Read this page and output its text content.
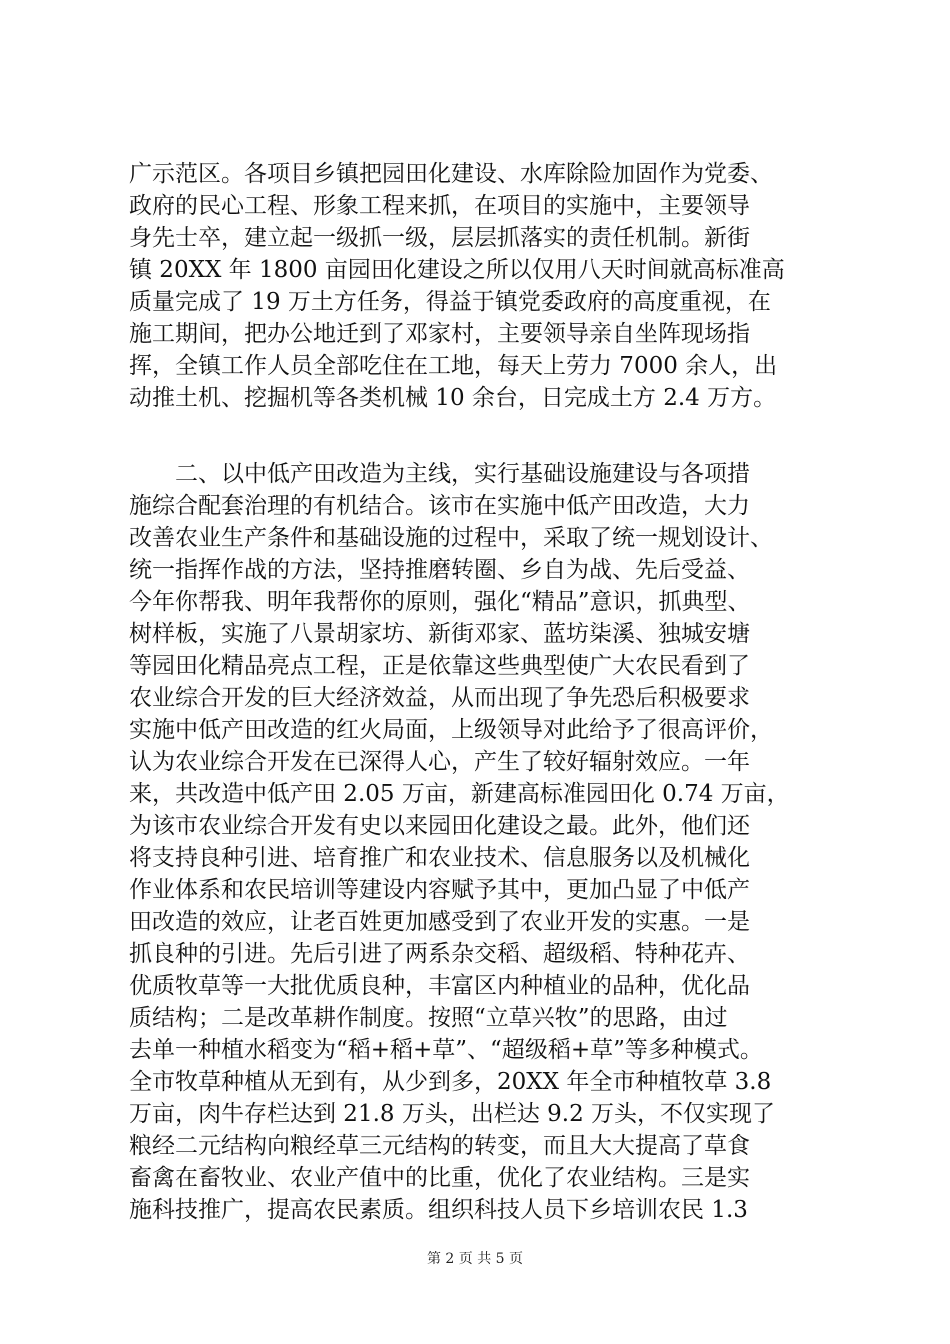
广示范区。各项目乡镇把园田化建设、水库除险加固作为党委、
政府的民心工程、形象工程来抓，在项目的实施中，主要领导
身先士卒，建立起一级抓一级，层层抓落实的责任机制。新街
镇 20XX 年 1800 亩园田化建设之所以仅用八天时间就高标准高
质量完成了 19 万土方任务，得益于镇党委政府的高度重视，在
施工期间，把办公地迁到了邓家村，主要领导亲自坐阵现场指
挥，全镇工作人员全部吃住在工地，每天上劳力 7000 余人，出
动推土机、挖掘机等各类机械 10 余台，日完成土方 2.4 万方。
二、以中低产田改造为主线，实行基础设施建设与各项措
施综合配套治理的有机结合。该市在实施中低产田改造，大力
改善农业生产条件和基础设施的过程中，采取了统一规划设计、
统一指挥作战的方法，坚持推磨转圈、乡自为战、先后受益、
今年你帮我、明年我帮你的原则，强化“精品”意识，抓典型、
树样板，实施了八景胡家坊、新街邓家、蓝坊柒溪、独城安塘
等园田化精品亮点工程，正是依靠这些典型使广大农民看到了
农业综合开发的巨大经济效益，从而出现了争先恐后积极要求
实施中低产田改造的红火局面，上级领导对此给予了很高评价，
认为农业综合开发在已深得人心，产生了较好辐射效应。一年
来，共改造中低产田 2.05 万亩，新建高标准园田化 0.74 万亩，
为该市农业综合开发有史以来园田化建设之最。此外，他们还
将支持良种引进、培育推广和农业技术、信息服务以及机械化
作业体系和农民培训等建设内容赋予其中，更加凸显了中低产
田改造的效应，让老百姓更加感受到了农业开发的实惠。一是
抓良种的引进。先后引进了两系杂交稻、超级稻、特种花卉、
优质牧草等一大批优质良种，丰富区内种植业的品种，优化品
质结构；二是改革耕作制度。按照“立草兴牧”的思路，由过
去单一种植水稻变为“稻+稻+草”、“超级稻+草”等多种模式。
全市牧草种植从无到有，从少到多，20XX 年全市种植牧草 3.8
万亩，肉牛存栏达到 21.8 万头，出栏达 9.2 万头，不仅实现了
粮经二元结构向粮经草三元结构的转变，而且大大提高了草食
畜禽在畜牧业、农业产值中的比重，优化了农业结构。三是实
施科技推广，提高农民素质。组织科技人员下乡培训农民 1.3
第 2 页 共 5 页
